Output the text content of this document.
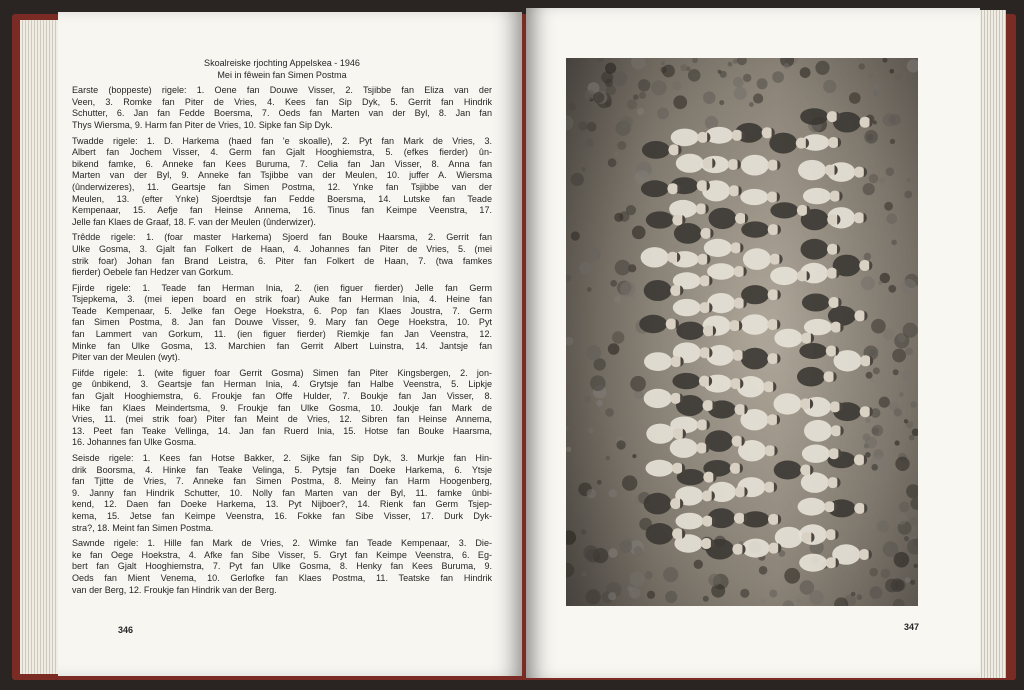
Skoalreiske rjochting Appelskea - 1946
Mei in fêwein fan Simen Postma
Earste (boppeste) rigele: 1. Oene fan Douwe Visser, 2. Tsjibbe fan Eliza van der
Veen, 3. Romke fan Piter de Vries, 4. Kees fan Sip Dyk, 5. Gerrit fan Hindrik
Schutter, 6. Jan fan Fedde Boersma, 7. Oeds fan Marten van der Byl, 8. Jan fan
Thys Wiersma, 9. Harm fan Piter de Vries, 10. Sipke fan Sip Dyk.
Twadde rigele: 1. D. Harkema (haed fan 'e skoalle), 2. Pyt fan Mark de Vries, 3.
Albert fan Jochem Visser, 4. Germ fan Gjalt Hooghiemstra, 5. (efkes fierder) ûn-
bikend famke, 6. Anneke fan Kees Buruma, 7. Celia fan Jan Visser, 8. Anna fan
Marten van der Byl, 9. Anneke fan Tsjibbe van der Meulen, 10. juffer A. Wiersma
(ûnderwizeres), 11. Geartsje fan Simen Postma, 12. Ynke fan Tsjibbe van der
Meulen, 13. (efter Ynke) Sjoerdtsje fan Fedde Boersma, 14. Lutske fan Teade
Kempenaar, 15. Aefje fan Heinse Annema, 16. Tinus fan Keimpe Veenstra, 17.
Jelle fan Klaes de Graaf, 18. F. van der Meulen (ûnderwizer).
Trêdde rigele: 1. (foar master Harkema) Sjoerd fan Bouke Haarsma, 2. Gerrit fan
Ulke Gosma, 3. Gjalt fan Folkert de Haan, 4. Johannes fan Piter de Vries, 5. (mei
strik foar) Johan fan Brand Leistra, 6. Piter fan Folkert de Haan, 7. (twa famkes
fierder) Oebele fan Hedzer van Gorkum.
Fjirde rigele: 1. Teade fan Herman Inia, 2. (ien figuer fierder) Jelle fan Germ
Tsjepkema, 3. (mei iepen board en strik foar) Auke fan Herman Inia, 4. Heine fan
Teade Kempenaar, 5. Jelke fan Oege Hoekstra, 6. Pop fan Klaes Joustra, 7. Germ
fan Simen Postma, 8. Jan fan Douwe Visser, 9. Mary fan Oege Hoekstra, 10. Pyt
fan Lammert van Gorkum, 11. (ien figuer fierder) Riemkje fan Jan Veenstra, 12.
Minke fan Ulke Gosma, 13. Marchien fan Gerrit Albert Luinstra, 14. Jantsje fan
Piter van der Meulen (wyt).
Fiifde rigele: 1. (wite figuer foar Gerrit Gosma) Simen fan Piter Kingsbergen, 2. jon-
ge ûnbikend, 3. Geartsje fan Herman Inia, 4. Grytsje fan Halbe Veenstra, 5. Lipkje
fan Gjalt Hooghiemstra, 6. Froukje fan Offe Hulder, 7. Boukje fan Jan Visser, 8.
Hike fan Klaes Meindertsma, 9. Froukje fan Ulke Gosma, 10. Joukje fan Mark de
Vries, 11. (mei strik foar) Piter fan Meint de Vries, 12. Sibren fan Heinse Annema,
13. Peet fan Teake Vellinga, 14. Jan fan Ruerd Inia, 15. Hotse fan Bouke Haarsma,
16. Johannes fan Ulke Gosma.
Seisde rigele: 1. Kees fan Hotse Bakker, 2. Sijke fan Sip Dyk, 3. Murkje fan Hin-
drik Boorsma, 4. Hinke fan Teake Velinga, 5. Pytsje fan Doeke Harkema, 6. Ytsje
fan Tjitte de Vries, 7. Anneke fan Simen Postma, 8. Meiny fan Harm Hoogenberg,
9. Janny fan Hindrik Schutter, 10. Nolly fan Marten van der Byl, 11. famke ûnbi-
kend, 12. Daen fan Doeke Harkema, 13. Pyt Nijboer?, 14. Rienk fan Germ Tsjep-
kema, 15. Jetse fan Keimpe Veenstra, 16. Fokke fan Sibe Visser, 17. Durk Dyk-
stra?, 18. Meint fan Simen Postma.
Sawnde rigele: 1. Hille fan Mark de Vries, 2. Wimke fan Teade Kempenaar, 3. Die-
ke fan Oege Hoekstra, 4. Afke fan Sibe Visser, 5. Gryt fan Keimpe Veenstra, 6. Eg-
bert fan Gjalt Hooghiemstra, 7. Pyt fan Ulke Gosma, 8. Henky fan Kees Buruma, 9.
Oeds fan Mient Venema, 10. Gerlofke fan Klaes Postma, 11. Teatske fan Hindrik
van der Berg, 12. Froukje fan Hindrik van der Berg.
346	347
